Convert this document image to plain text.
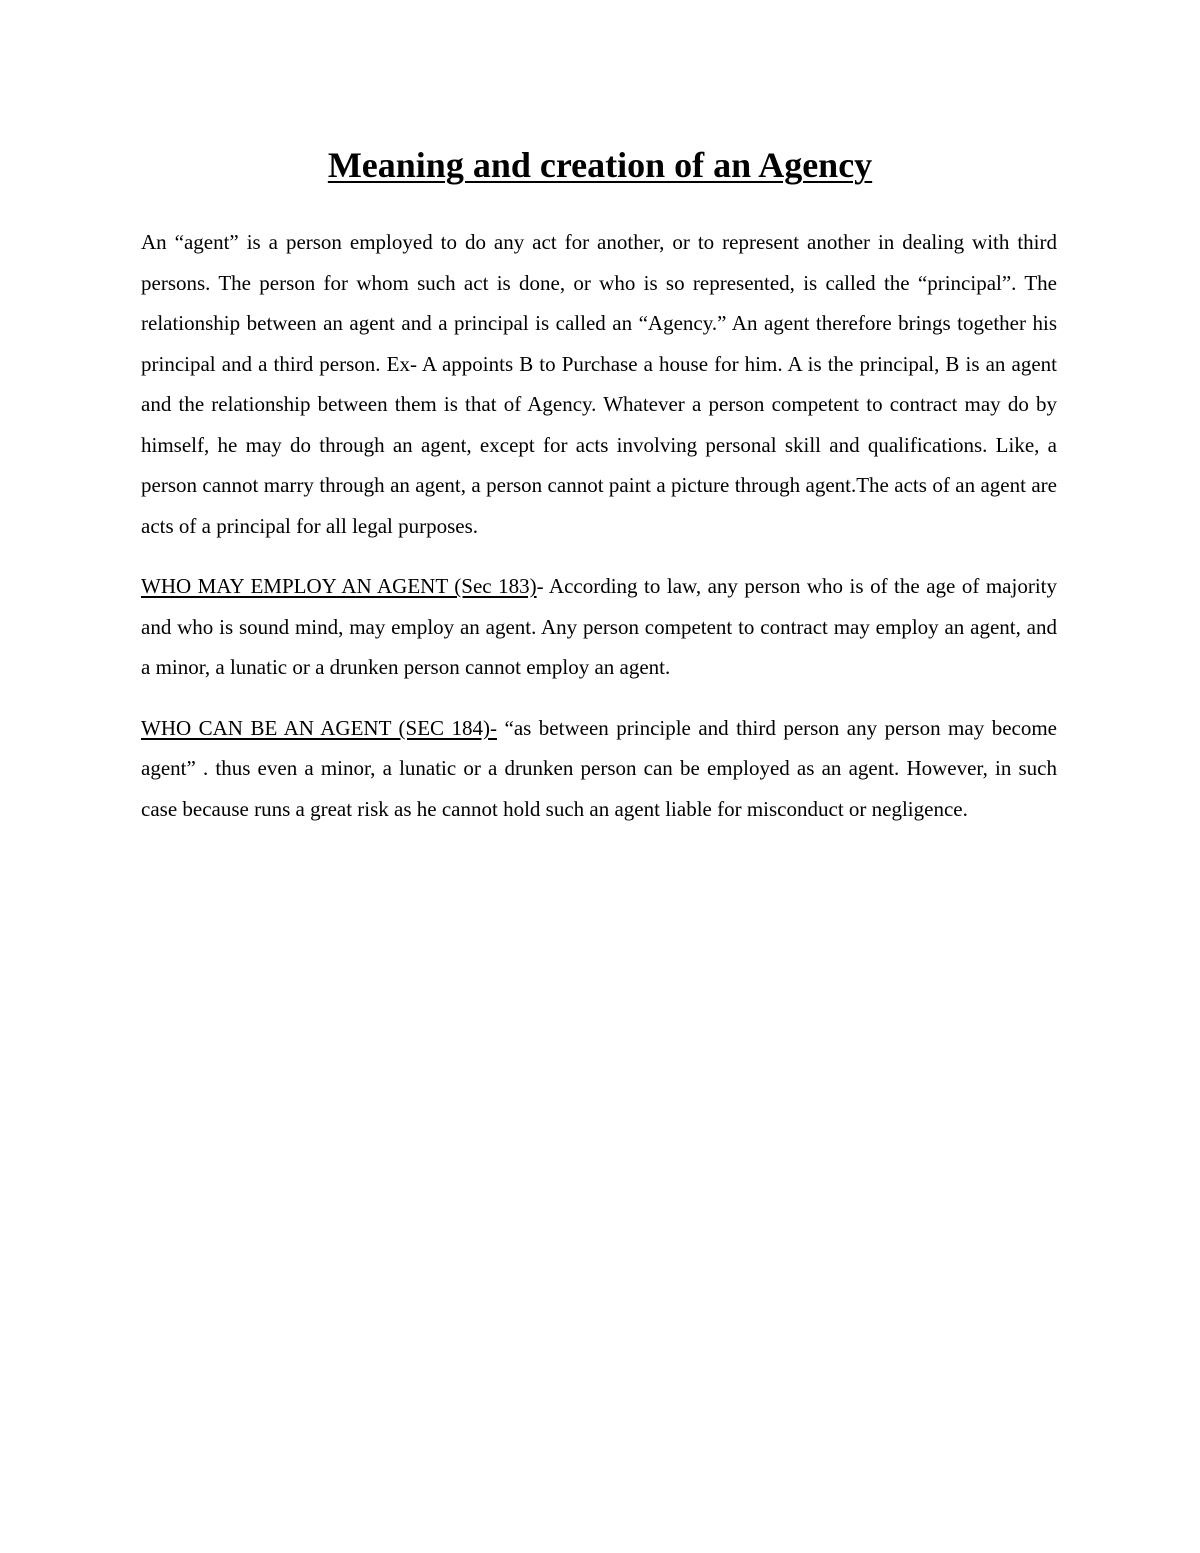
Meaning and creation of an Agency

An “agent” is a person employed to do any act for another, or to represent another in dealing with third persons. The person for whom such act is done, or who is so represented, is called the “principal”. The relationship between an agent and a principal is called an “Agency.” An agent therefore brings together his principal and a third person. Ex- A appoints B to Purchase a house for him. A is the principal, B is an agent and the relationship between them is that of Agency. Whatever a person competent to contract may do by himself, he may do through an agent, except for acts involving personal skill and qualifications. Like, a person cannot marry through an agent, a person cannot paint a picture through agent.The acts of an agent are acts of a principal for all legal purposes.

WHO MAY EMPLOY AN AGENT (Sec 183)- According to law, any person who is of the age of majority and who is sound mind, may employ an agent. Any person competent to contract may employ an agent, and a minor, a lunatic or a drunken person cannot employ an agent.

WHO CAN BE AN AGENT (SEC 184)- “as between principle and third person any person may become agent” . thus even a minor, a lunatic or a drunken person can be employed as an agent. However, in such case because runs a great risk as he cannot hold such an agent liable for misconduct or negligence.
